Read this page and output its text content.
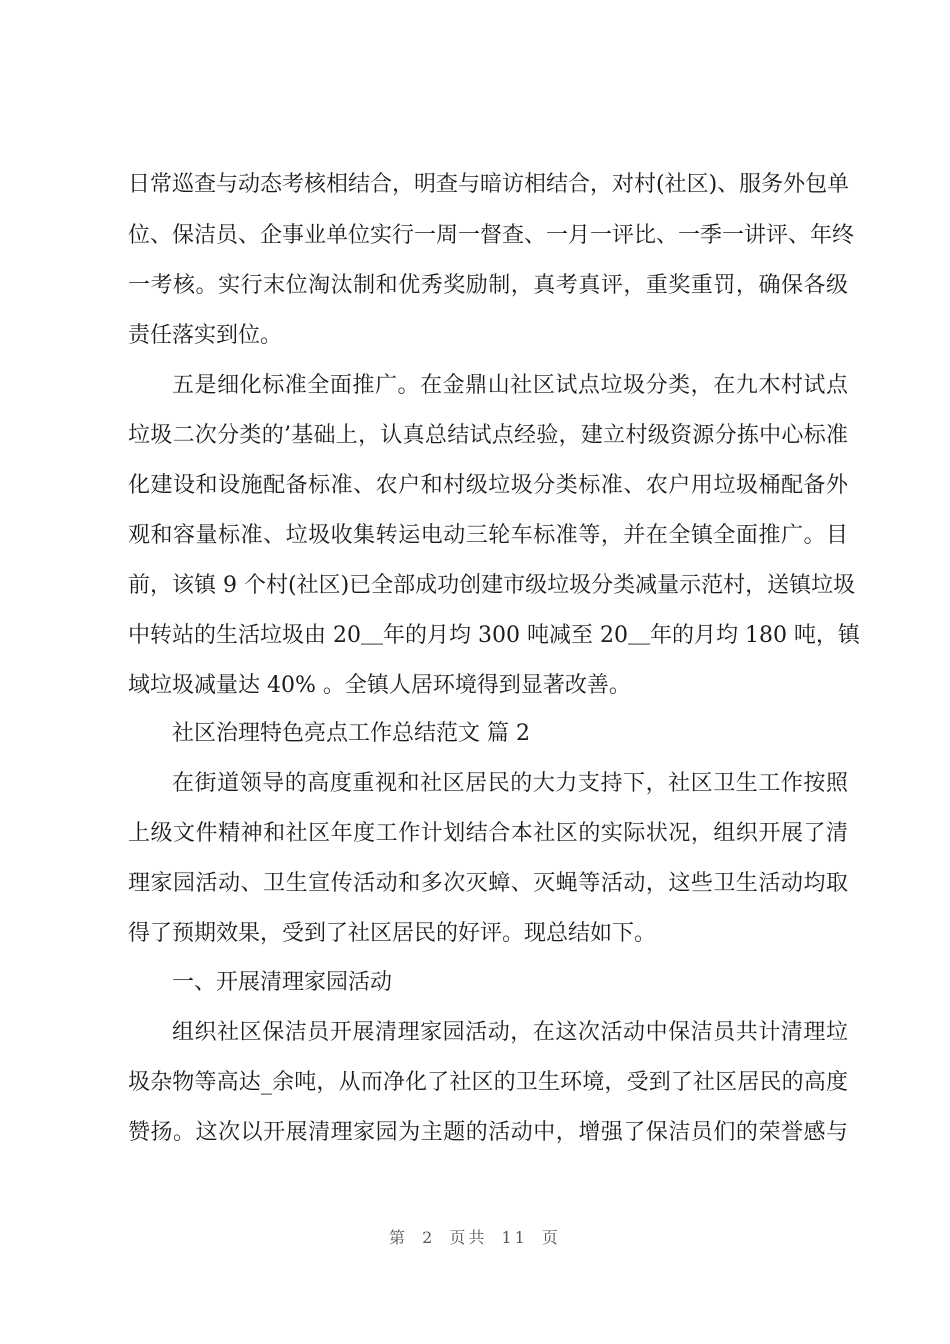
日常巡查与动态考核相结合，明查与暗访相结合，对村(社区)、服务外包单
位、保洁员、企事业单位实行一周一督查、一月一评比、一季一讲评、年终
一考核。实行末位淘汰制和优秀奖励制，真考真评，重奖重罚，确保各级
责任落实到位。
五是细化标准全面推广。在金鼎山社区试点垃圾分类，在九木村试点
垃圾二次分类的’基础上，认真总结试点经验，建立村级资源分拣中心标准
化建设和设施配备标准、农户和村级垃圾分类标准、农户用垃圾桶配备外
观和容量标准、垃圾收集转运电动三轮车标准等，并在全镇全面推广。目
前，该镇 9 个村(社区)已全部成功创建市级垃圾分类减量示范村，送镇垃圾
中转站的生活垃圾由 20＿年的月均 300 吨减至 20＿年的月均 180 吨，镇
域垃圾减量达 40% 。全镇人居环境得到显著改善。
社区治理特色亮点工作总结范文 篇 2
在街道领导的高度重视和社区居民的大力支持下，社区卫生工作按照
上级文件精神和社区年度工作计划结合本社区的实际状况，组织开展了清
理家园活动、卫生宣传活动和多次灭蟑、灭蝇等活动，这些卫生活动均取
得了预期效果，受到了社区居民的好评。现总结如下。
一、开展清理家园活动
组织社区保洁员开展清理家园活动，在这次活动中保洁员共计清理垃
圾杂物等高达_余吨，从而净化了社区的卫生环境，受到了社区居民的高度
赞扬。这次以开展清理家园为主题的活动中，增强了保洁员们的荣誉感与
第 2 页共 11 页
